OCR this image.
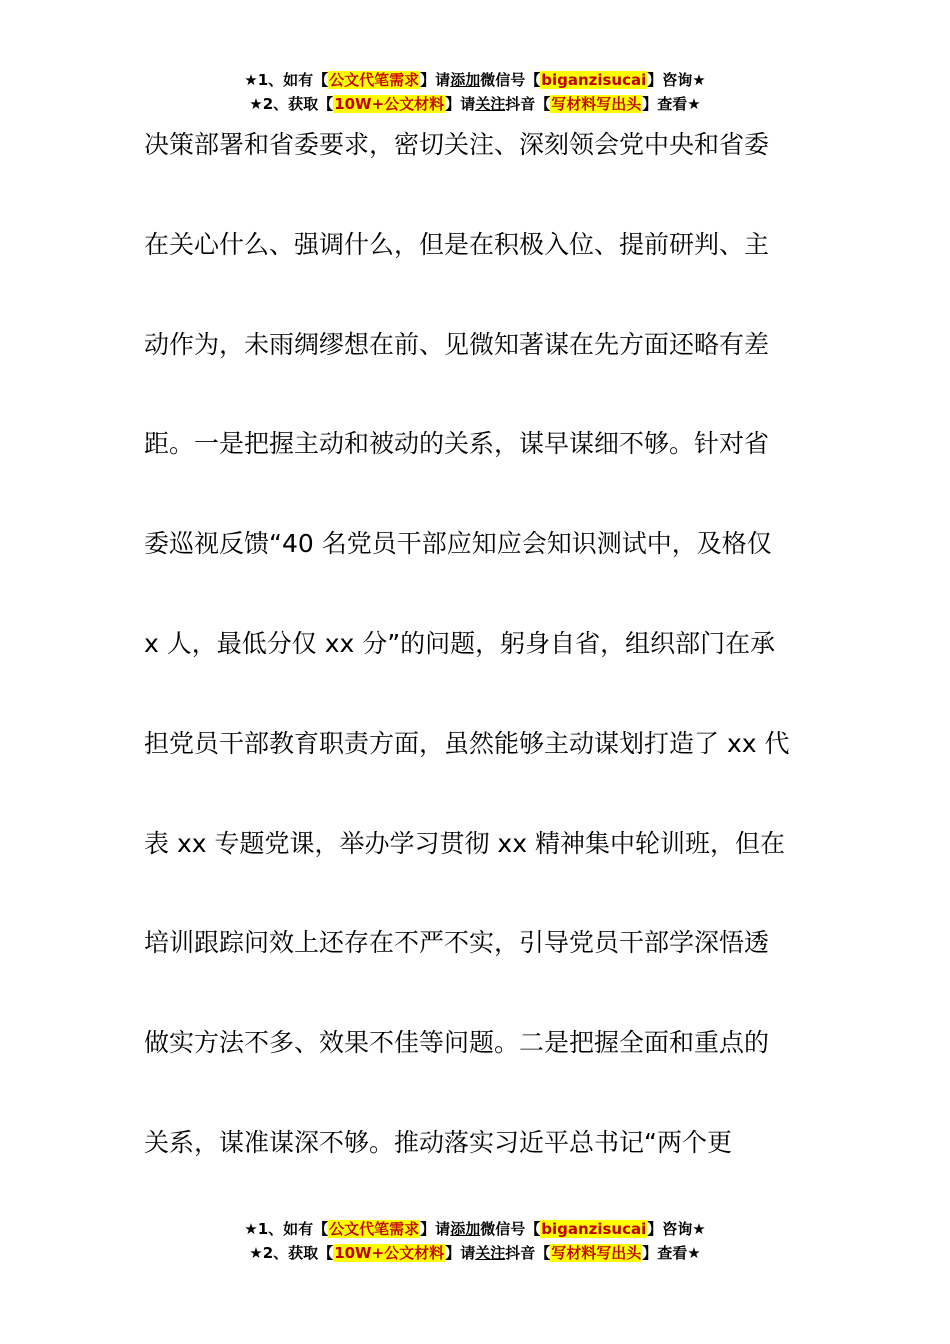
★1、如有【公文代笔需求】请添加微信号【biganzisucai】咨询★
★2、获取【10W+公文材料】请关注抖音【写材料写出头】查看★
决策部署和省委要求，密切关注、深刻领会党中央和省委
在关心什么、强调什么，但是在积极入位、提前研判、主
动作为，未雨绸缪想在前、见微知著谋在先方面还略有差
距。一是把握主动和被动的关系，谋早谋细不够。针对省
委巡视反馈“40 名党员干部应知应会知识测试中，及格仅
x 人，最低分仅 xx 分”的问题，躬身自省，组织部门在承
担党员干部教育职责方面，虽然能够主动谋划打造了 xx 代
表 xx 专题党课，举办学习贯彻 xx 精神集中轮训班，但在
培训跟踪问效上还存在不严不实，引导党员干部学深悟透
做实方法不多、效果不佳等问题。二是把握全面和重点的
关系，谋准谋深不够。推动落实习近平总书记“两个更
★1、如有【公文代笔需求】请添加微信号【biganzisucai】咨询★
★2、获取【10W+公文材料】请关注抖音【写材料写出头】查看★
